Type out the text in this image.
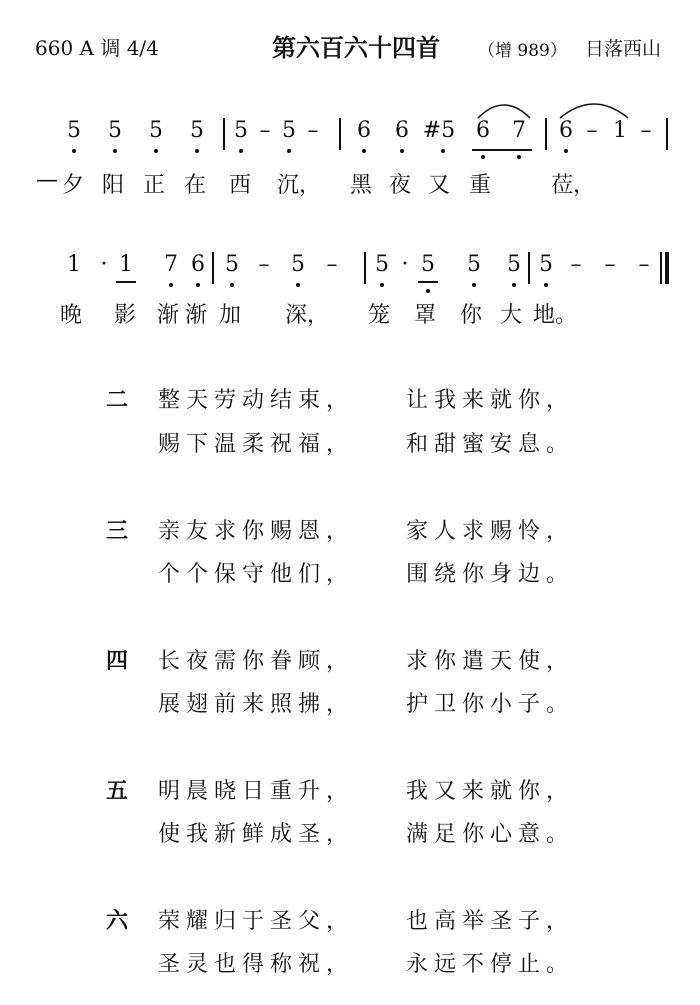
660 A 调 4/4	第六百六十四首 （增 989） 日落西山
5 5 5 5 5 – 5 – 6 6 #5 6 7 6 – 1 –
— 夕 阳 正 在 西 沉， 黑 夜 又 重	莅，
1 · 1 7 6 5 – 5 – 5 · 5 5 5 5 – – –
晚 影 渐 渐 加 深， 笼 罩 你 大 地。
二 整天劳动结束， 让我来就你，
赐下温柔祝福， 和甜蜜安息。
三 亲友求你赐恩， 家人求赐怜，
个个保守他们， 围绕你身边。
四 长夜需你眷顾， 求你遣天使，
展翅前来照拂， 护卫你小子。
五 明晨晓日重升， 我又来就你，
使我新鲜成圣， 满足你心意。
六 荣耀归于圣父， 也高举圣子，
圣灵也得称祝， 永远不停止。
